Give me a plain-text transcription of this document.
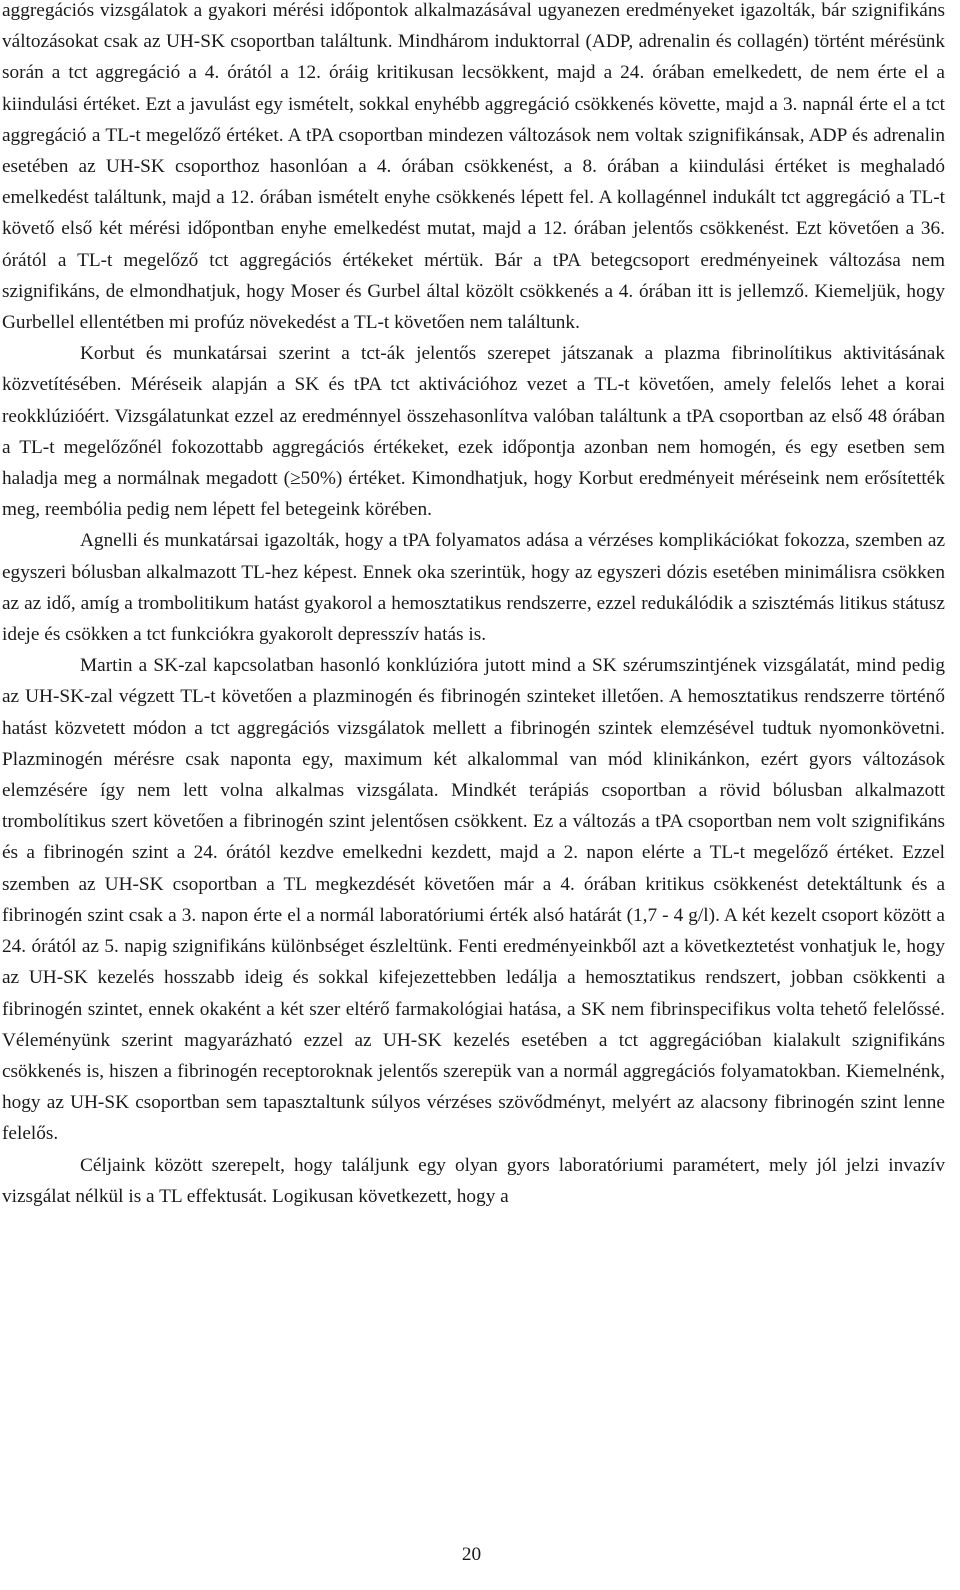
aggregációs vizsgálatok a gyakori mérési időpontok alkalmazásával ugyanezen eredményeket igazolták, bár szignifikáns változásokat csak az UH-SK csoportban találtunk. Mindhárom induktorral (ADP, adrenalin és collagén) történt mérésünk során a tct aggregáció a 4. órától a 12. óráig kritikusan lecsökkent, majd a 24. órában emelkedett, de nem érte el a kiindulási értéket. Ezt a javulást egy ismételt, sokkal enyhébb aggregáció csökkenés követte, majd a 3. napnál érte el a tct aggregáció a TL-t megelőző értéket. A tPA csoportban mindezen változások nem voltak szignifikánsak, ADP és adrenalin esetében az UH-SK csoporthoz hasonlóan a 4. órában csökkenést, a 8. órában a kiindulási értéket is meghaladó emelkedést találtunk, majd a 12. órában ismételt enyhe csökkenés lépett fel. A kollagénnel indukált tct aggregáció a TL-t követő első két mérési időpontban enyhe emelkedést mutat, majd a 12. órában jelentős csökkenést. Ezt követően a 36. órától a TL-t megelőző tct aggregációs értékeket mértük. Bár a tPA betegcsoport eredményeinek változása nem szignifikáns, de elmondhatjuk, hogy Moser és Gurbel által közölt csökkenés a 4. órában itt is jellemző. Kiemeljük, hogy Gurbellel ellentétben mi profúz növekedést a TL-t követően nem találtunk.

Korbut és munkatársai szerint a tct-ák jelentős szerepet játszanak a plazma fibrinolítikus aktivitásának közvetítésében. Méréseik alapján a SK és tPA tct aktivációhoz vezet a TL-t követően, amely felelős lehet a korai reokklúzióért. Vizsgálatunkat ezzel az eredménnyel összehasonlítva valóban találtunk a tPA csoportban az első 48 órában a TL-t megelőzőnél fokozottabb aggregációs értékeket, ezek időpontja azonban nem homogén, és egy esetben sem haladja meg a normálnak megadott (≥50%) értéket. Kimondhatjuk, hogy Korbut eredményeit méréseink nem erősítették meg, reembólia pedig nem lépett fel betegeink körében.

Agnelli és munkatársai igazolták, hogy a tPA folyamatos adása a vérzéses komplikációkat fokozza, szemben az egyszeri bólusban alkalmazott TL-hez képest. Ennek oka szerintük, hogy az egyszeri dózis esetében minimálisra csökken az az idő, amíg a trombolitikum hatást gyakorol a hemosztatikus rendszerre, ezzel redukálódik a szisztémás litikus státusz ideje és csökken a tct funkciókra gyakorolt depresszív hatás is.

Martin a SK-zal kapcsolatban hasonló konklúzióra jutott mind a SK szérumszintjének vizsgálatát, mind pedig az UH-SK-zal végzett TL-t követően a plazminogén és fibrinogén szinteket illetően. A hemosztatikus rendszerre történő hatást közvetett módon a tct aggregációs vizsgálatok mellett a fibrinogén szintek elemzésével tudtuk nyomonkövetni. Plazminogén mérésre csak naponta egy, maximum két alkalommal van mód klinikánkon, ezért gyors változások elemzésére így nem lett volna alkalmas vizsgálata. Mindkét terápiás csoportban a rövid bólusban alkalmazott trombolítikus szert követően a fibrinogén szint jelentősen csökkent. Ez a változás a tPA csoportban nem volt szignifikáns és a fibrinogén szint a 24. órától kezdve emelkedni kezdett, majd a 2. napon elérte a TL-t megelőző értéket. Ezzel szemben az UH-SK csoportban a TL megkezdését követően már a 4. órában kritikus csökkenést detektáltunk és a fibrinogén szint csak a 3. napon érte el a normál laboratóriumi érték alsó határát (1,7 - 4 g/l). A két kezelt csoport között a 24. órától az 5. napig szignifikáns különbséget észleltünk. Fenti eredményeinkből azt a következtetést vonhatjuk le, hogy az UH-SK kezelés hosszabb ideig és sokkal kifejezettebben ledálja a hemosztatikus rendszert, jobban csökkenti a fibrinogén szintet, ennek okaként a két szer eltérő farmakológiai hatása, a SK nem fibrinspecifikus volta tehető felelőssé. Véleményünk szerint magyarázható ezzel az UH-SK kezelés esetében a tct aggregációban kialakult szignifikáns csökkenés is, hiszen a fibrinogén receptoroknak jelentős szerepük van a normál aggregációs folyamatokban. Kiemelnénk, hogy az UH-SK csoportban sem tapasztaltunk súlyos vérzéses szövődményt, melyért az alacsony fibrinogén szint lenne felelős.

Céljaink között szerepelt, hogy találjunk egy olyan gyors laboratóriumi paramétert, mely jól jelzi invazív vizsgálat nélkül is a TL effektusát. Logikusan következett, hogy a

20
